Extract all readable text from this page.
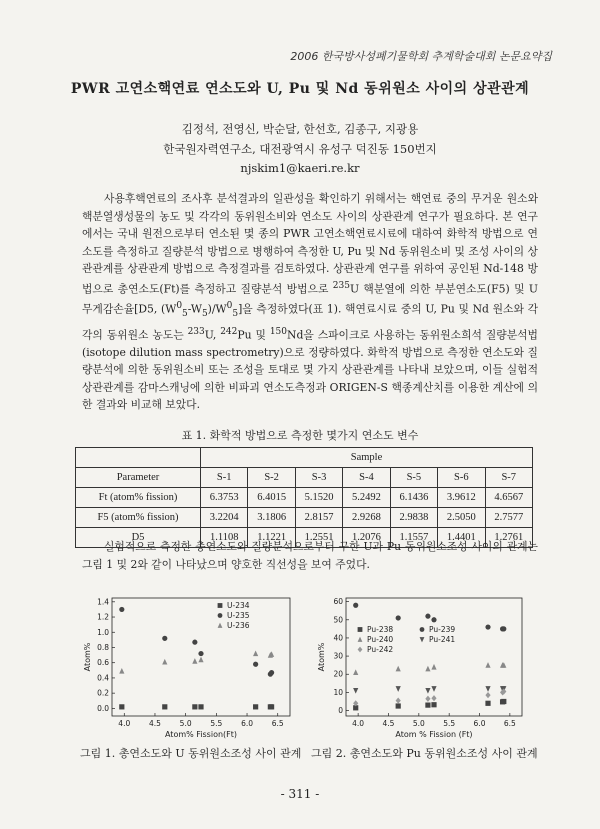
2006 한국방사성폐기물학회 추계학술대회 논문요약집
PWR 고연소핵연료 연소도와 U, Pu 및 Nd 동위원소 사이의 상관관계
김정석, 전영신, 박순달, 한선호, 김종구, 지광용
한국원자력연구소, 대전광역시 유성구 덕진동 150번지
njskim1@kaeri.re.kr

사용후핵연료의 조사후 분석결과의 일관성을 확인하기 위해서는 핵연료 중의 무거운 원소와 핵분열생성물의 농도 및 각각의 동위원소비와 연소도 사이의 상관관계 연구가 필요하다. 본 연구에서는 국내 원전으로부터 연소된 몇 종의 PWR 고연소핵연료시료에 대하여 화학적 방법으로 연소도를 측정하고 질량분석 방법으로 병행하여 측정한 U, Pu 및 Nd 동위원소비 및 조성 사이의 상관관계를 상관관계 방법으로 측정결과를 검토하였다. 상관관계 연구를 위하여 공인된 Nd-148 방법으로 총연소도(Ft)를 측정하고 질량분석 방법으로 $^{235}$U 핵분열에 의한 부분연소도(F5) 및 U 무게감손율[D5, $(W^0_5-W_5)/W^0_5$]을 측정하였다(표 1). 핵연료시료 중의 U, Pu 및 Nd 원소와 각각의 동위원소 농도는 $^{233}$U, $^{242}$Pu 및 $^{150}$Nd을 스파이크로 사용하는 동위원소희석 질량분석법(isotope dilution mass spectrometry)으로 정량하였다. 화학적 방법으로 측정한 연소도와 질량분석에 의한 동위원소비 또는 조성을 토대로 몇 가지 상관관계를 나타내 보았으며, 이들 실험적 상관관계를 감마스캐닝에 의한 비파괴 연소도측정과 ORIGEN-S 핵종계산치를 이용한 계산에 의한 결과와 비교해 보았다.

표 1. 화학적 방법으로 측정한 몇가지 연소도 변수
	Sample						
Parameter	S-1	S-2	S-3	S-4	S-5	S-6	S-7
Ft (atom% fission)	6.3753	6.4015	5.1520	5.2492	6.1436	3.9612	4.6567
F5 (atom% fission)	3.2204	3.1806	2.8157	2.9268	2.9838	2.5050	2.7577
D5	1.1108	1.1221	1.2551	1.2076	1.1557	1.4401	1.2761

실험적으로 측정한 총연소도와 질량분석으로부터 구한 U과 Pu 동위원소조성 사이의 관계는 그림 1 및 2와 같이 나타났으며 양호한 직선성을 보여 주었다.

4.0	4.5	5.0	5.5	6.0	6.5
0.0
0.2
0.4
0.6
0.8
1.0
1.2
1.4
Atom% Fission(Ft)
Atom%
U-234
U-235
U-236
4.0 4.5 5.0 5.5 6.0 6.5
0
10
20
30
40
50
60
Atom % Fission (Ft)
Atom%
Pu-238	Pu-239
Pu-240	Pu-241
Pu-242
그림 1. 총연소도와 U 동위원소조성 사이 관계 그림 2. 총연소도와 Pu 동위원소조성 사이 관계
- 311 -
